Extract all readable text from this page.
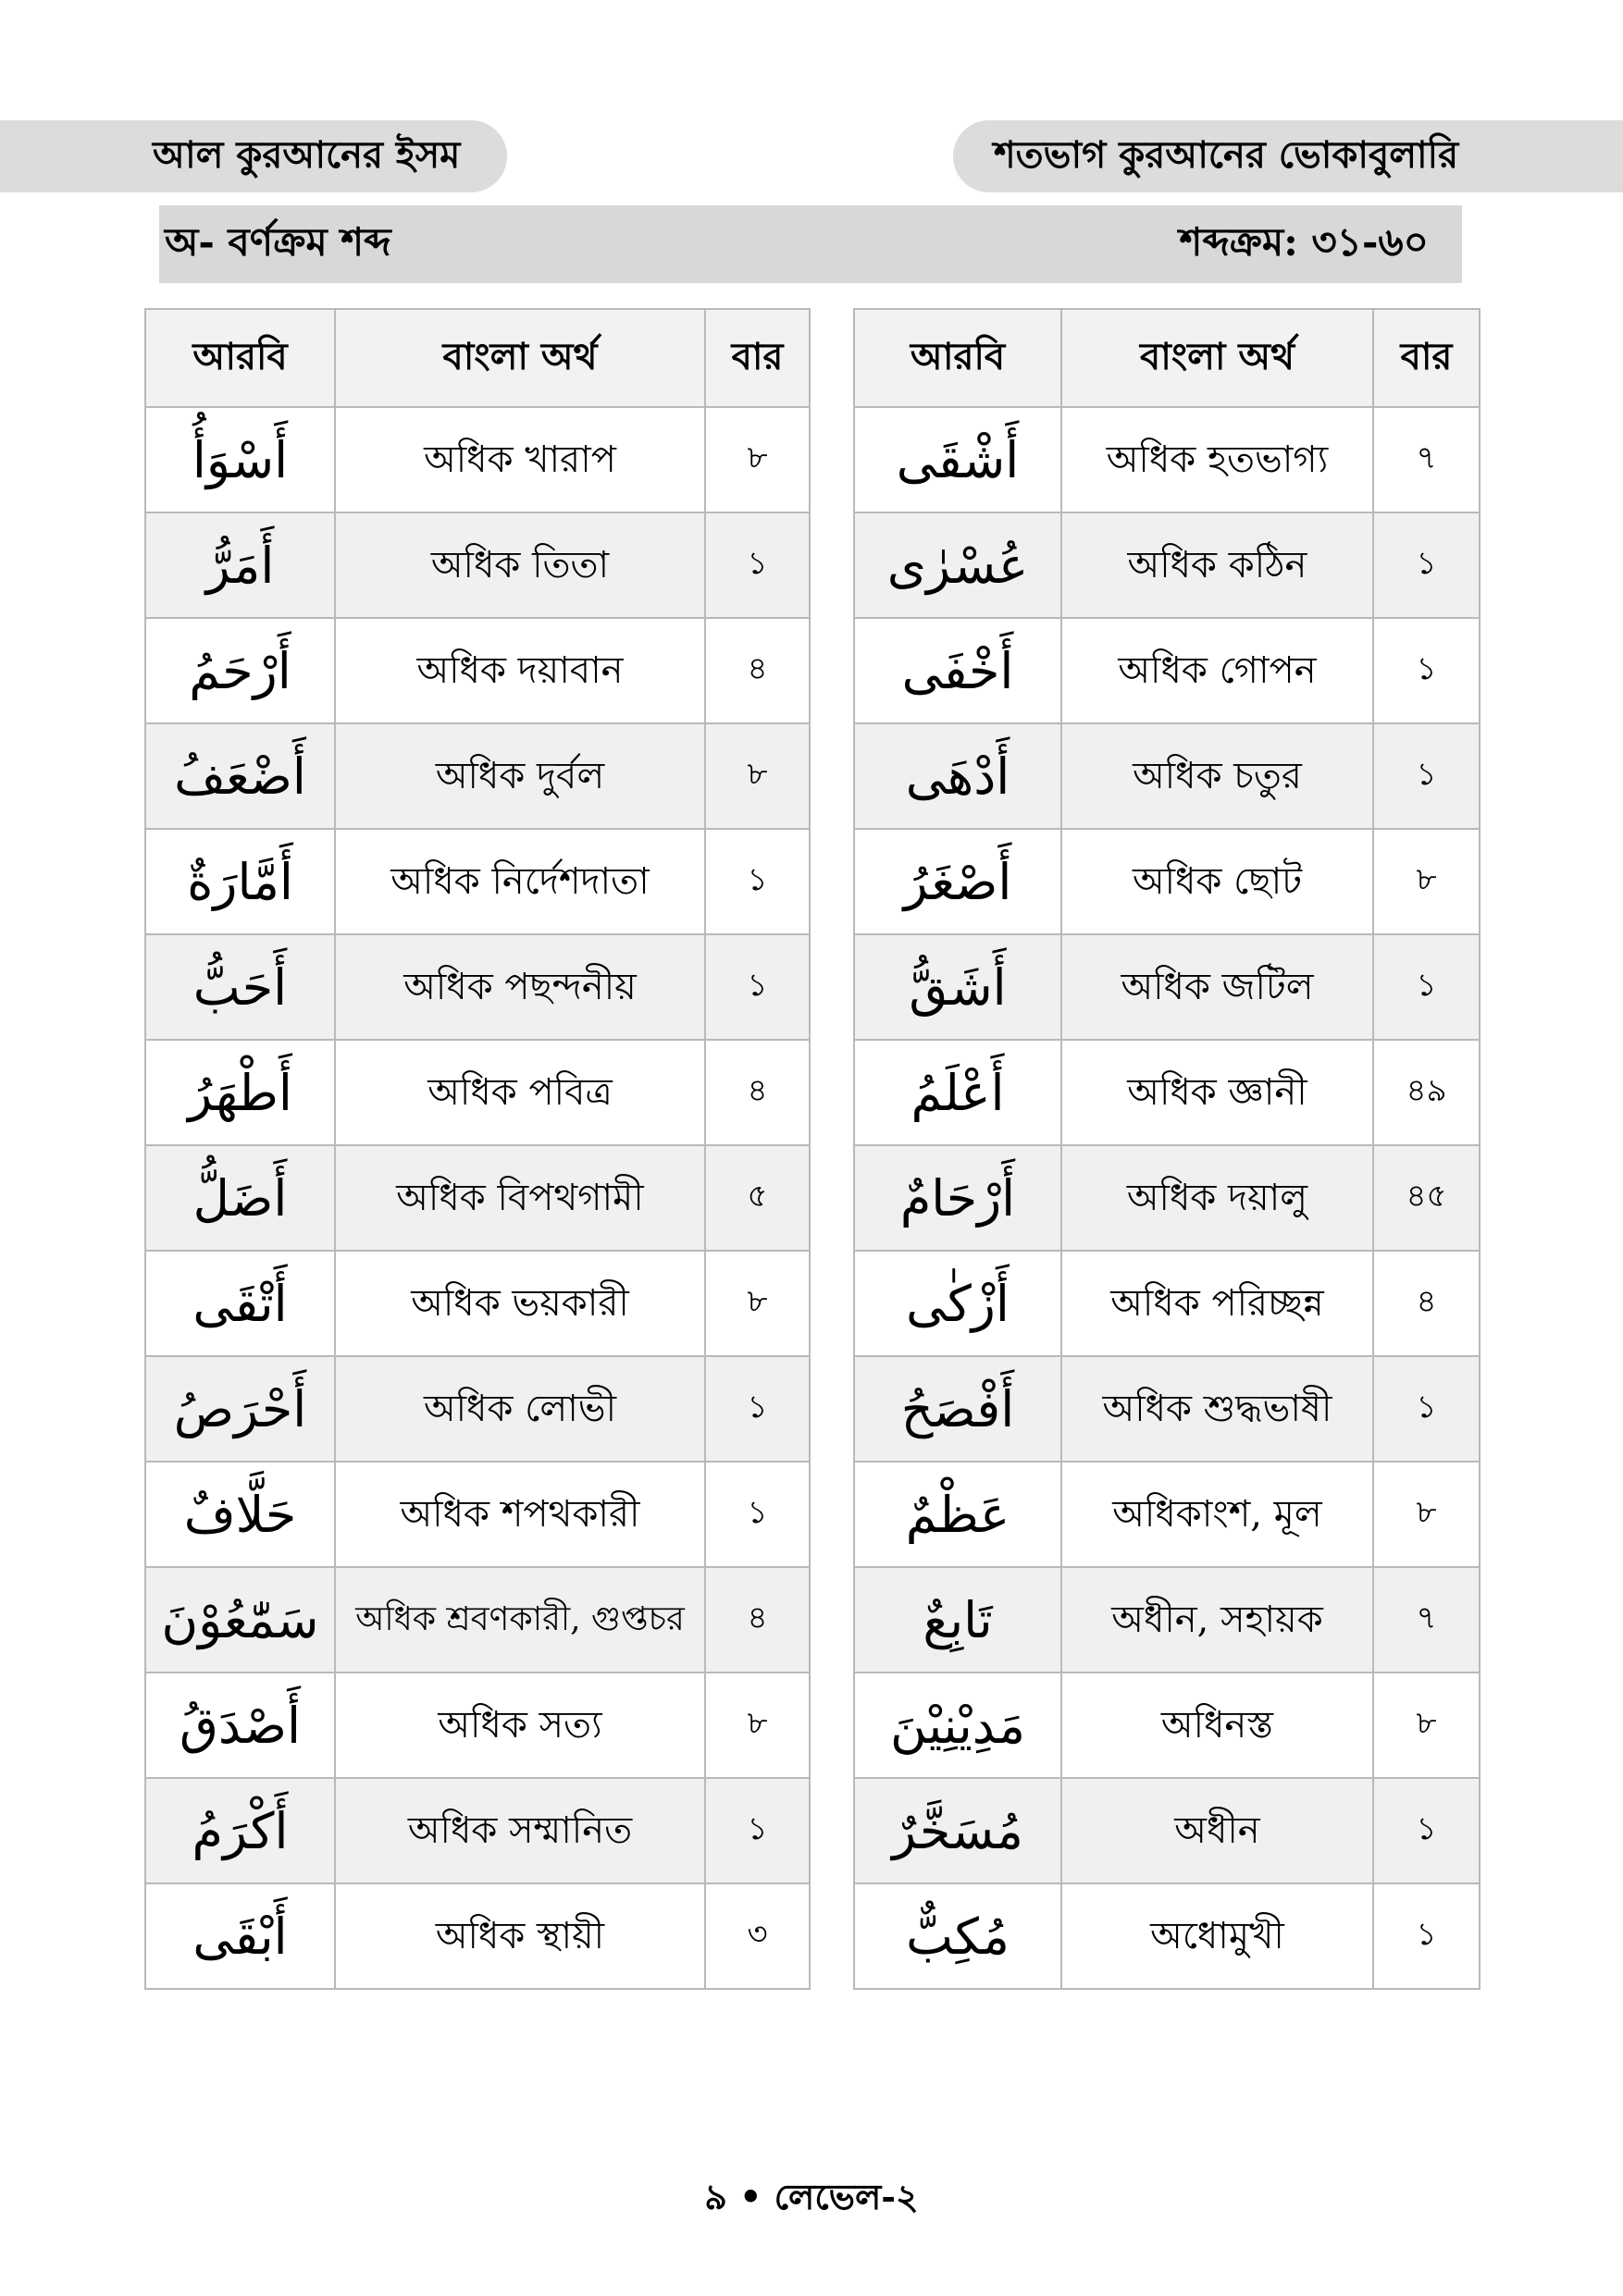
আল কুরআনের ইসম	শতভাগ কুরআনের ভোকাবুলারি
অ- বর্ণক্রম শব্দ	শব্দক্রম: ৩১-৬০
আরবি	বাংলা অর্থ	বার
أَسْوَأُ	অধিক খারাপ	৮
أَمَرُّ	অধিক তিতা	১
أَرْحَمُ	অধিক দয়াবান	৪
أَضْعَفُ	অধিক দুর্বল	৮
أَمَّارَةٌ	অধিক নির্দেশদাতা	১
أَحَبُّ	অধিক পছন্দনীয়	১
أَطْهَرُ	অধিক পবিত্র	৪
أَضَلُّ	অধিক বিপথগামী	৫
أَتْقَى	অধিক ভয়কারী	৮
أَحْرَصُ	অধিক লোভী	১
حَلَّافٌ	অধিক শপথকারী	১
سَمّٰعُوْنَ	অধিক শ্রবণকারী, গুপ্তচর	৪
أَصْدَقُ	অধিক সত্য	৮
أَكْرَمُ	অধিক সম্মানিত	১
أَبْقَى	অধিক স্থায়ী	৩
আরবি	বাংলা অর্থ	বার
أَشْقَى	অধিক হতভাগ্য	৭
عُسْرٰى	অধিক কঠিন	১
أَخْفَى	অধিক গোপন	১
أَدْهَى	অধিক চতুর	১
أَصْغَرُ	অধিক ছোট	৮
أَشَقُّ	অধিক জটিল	১
أَعْلَمُ	অধিক জ্ঞানী	৪৯
أَرْحَامٌ	অধিক দয়ালু	৪৫
أَزْكٰى	অধিক পরিচ্ছন্ন	৪
أَفْصَحُ	অধিক শুদ্ধভাষী	১
عَظْمٌ	অধিকাংশ, মূল	৮
تَابِعٌ	অধীন, সহায়ক	৭
مَدِيْنِيْنَ	অধিনস্ত	৮
مُسَخَّرٌ	অধীন	১
مُكِبٌّ	অধোমুখী	১
৯ • লেভেল-২
